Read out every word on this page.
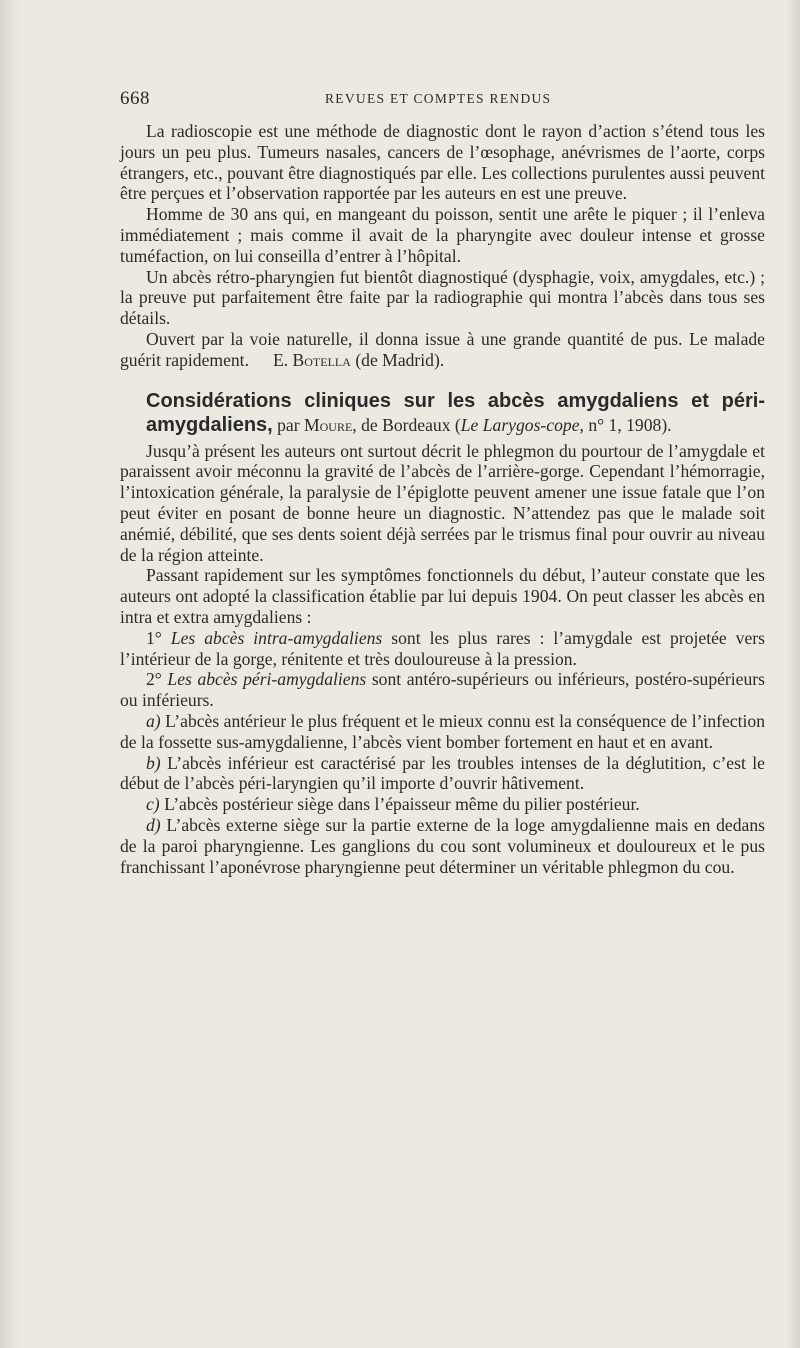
668	REVUES ET COMPTES RENDUS

La radioscopie est une méthode de diagnostic dont le rayon d’action s’étend tous les jours un peu plus. Tumeurs nasales, cancers de l’œsophage, anévrismes de l’aorte, corps étrangers, etc., pouvant être diagnostiqués par elle. Les collections purulentes aussi peuvent être perçues et l’observation rapportée par les auteurs en est une preuve.

Homme de 30 ans qui, en mangeant du poisson, sentit une arête le piquer ; il l’enleva immédiatement ; mais comme il avait de la pharyngite avec douleur intense et grosse tuméfaction, on lui conseilla d’entrer à l’hôpital.

Un abcès rétro-pharyngien fut bientôt diagnostiqué (dysphagie, voix, amygdales, etc.) ; la preuve put parfaitement être faite par la radiographie qui montra l’abcès dans tous ses détails.

Ouvert par la voie naturelle, il donna issue à une grande quantité de pus. Le malade guérit rapidement. E. Botella (de Madrid).

Considérations cliniques sur les abcès amygdaliens et péri-amygdaliens, par Moure, de Bordeaux (Le Larygos-cope, n° 1, 1908).

Jusqu’à présent les auteurs ont surtout décrit le phlegmon du pourtour de l’amygdale et paraissent avoir méconnu la gravité de l’abcès de l’arrière-gorge. Cependant l’hémorragie, l’intoxication générale, la paralysie de l’épiglotte peuvent amener une issue fatale que l’on peut éviter en posant de bonne heure un diagnostic. N’attendez pas que le malade soit anémié, débilité, que ses dents soient déjà serrées par le trismus final pour ouvrir au niveau de la région atteinte.

Passant rapidement sur les symptômes fonctionnels du début, l’auteur constate que les auteurs ont adopté la classification établie par lui depuis 1904. On peut classer les abcès en intra et extra amygdaliens :

1° Les abcès intra-amygdaliens sont les plus rares : l’amygdale est projetée vers l’intérieur de la gorge, rénitente et très douloureuse à la pression.

2° Les abcès péri-amygdaliens sont antéro-supérieurs ou inférieurs, postéro-supérieurs ou inférieurs.

a) L’abcès antérieur le plus fréquent et le mieux connu est la conséquence de l’infection de la fossette sus-amygdalienne, l’abcès vient bomber fortement en haut et en avant.

b) L’abcès inférieur est caractérisé par les troubles intenses de la déglutition, c’est le début de l’abcès péri-laryngien qu’il importe d’ouvrir hâtivement.

c) L’abcès postérieur siège dans l’épaisseur même du pilier postérieur.

d) L’abcès externe siège sur la partie externe de la loge amygdalienne mais en dedans de la paroi pharyngienne. Les ganglions du cou sont volumineux et douloureux et le pus franchissant l’aponévrose pharyngienne peut déterminer un véritable phlegmon du cou.
